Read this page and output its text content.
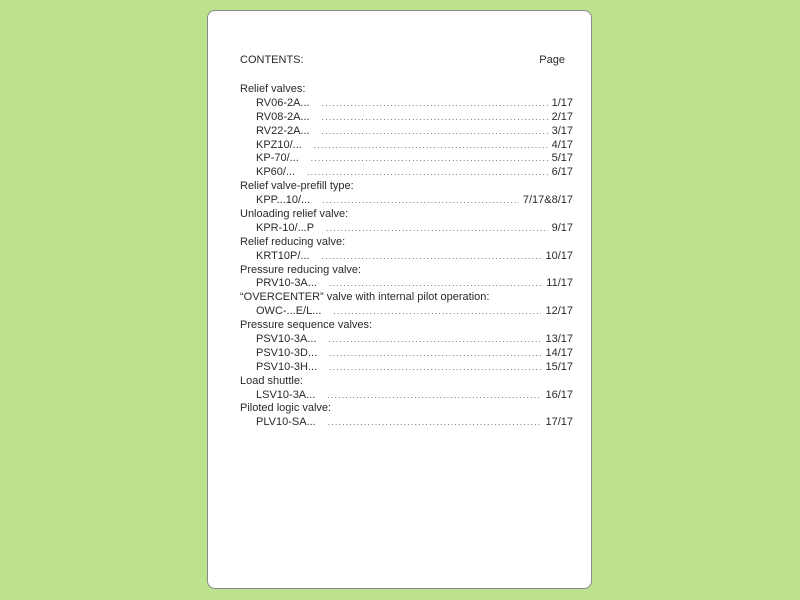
CONTENTS:	Page
Relief valves:
RV06-2A... .....	1/17
RV08-2A... .....	2/17
RV22-2A... .....	3/17
KPZ10/... .....	4/17
KP-70/... .....	5/17
KP60/... .....	6/17
Relief valve-prefill type:
KPP...10/... .....	7/17&8/17
Unloading relief valve:
KPR-10/...P .....	9/17
Relief reducing valve:
KRT10P/... .....	10/17
Pressure reducing valve:
PRV10-3A... .....	11/17
“OVERCENTER” valve with internal pilot operation:
OWC-...E/L... .....	12/17
Pressure sequence valves:
PSV10-3A... .....	13/17
PSV10-3D... .....	14/17
PSV10-3H... .....	15/17
Load shuttle:
LSV10-3A... .....	16/17
Piloted logic valve:
PLV10-SA... .....	17/17
